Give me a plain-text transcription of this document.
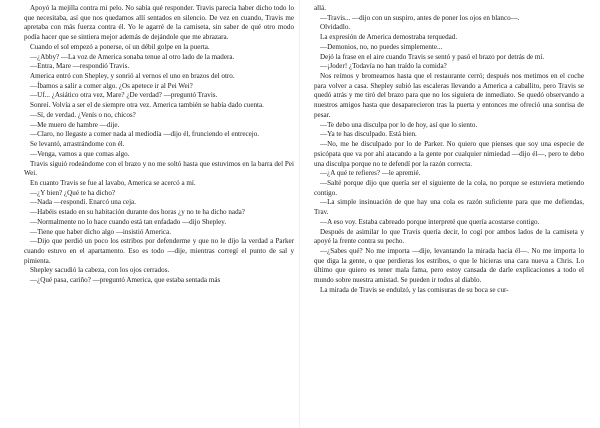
Apoyó la mejilla contra mi pelo. No sabía qué responder. Travis parecía haber dicho todo lo que necesitaba, así que nos quedamos allí sentados en silencio. De vez en cuando, Travis me apretaba con más fuerza contra él. Yo le agarré de la camiseta, sin saber de qué otro modo podía hacer que se sintiera mejor además de dejándole que me abrazara.

Cuando el sol empezó a ponerse, oí un débil golpe en la puerta.

—¿Abby? —La voz de America sonaba tenue al otro lado de la madera.

—Entra, Mare —respondió Travis.

America entró con Shepley, y sonrió al vernos el uno en brazos del otro.

—Íbamos a salir a comer algo. ¿Os apetece ir al Pei Wei?

—Uf... ¿Asiático otra vez, Mare? ¿De verdad? —preguntó Travis.

Sonreí. Volvía a ser el de siempre otra vez. America también se había dado cuenta.

—Sí, de verdad. ¿Venís o no, chicos?

—Me muero de hambre —dije.

—Claro, no llegaste a comer nada al mediodía —dijo él, frunciendo el entrecejo.

Se levantó, arrastrándome con él.

—Venga, vamos a que comas algo.

Travis siguió rodeándome con el brazo y no me soltó hasta que estuvimos en la barra del Pei Wei.

En cuanto Travis se fue al lavabo, America se acercó a mí.

—¿Y bien? ¿Qué te ha dicho?

—Nada —respondí. Enarcó una ceja.

—Habéis estado en su habitación durante dos horas ¿y no te ha dicho nada?

—Normalmente no lo hace cuando está tan enfadado —dijo Shepley.

—Tiene que haber dicho algo —insistió America.

—Dijo que perdió un poco los estribos por defenderme y que no le dijo la verdad a Parker cuando estuvo en el apartamento. Eso es todo —dije, mientras corregí el punto de sal y pimienta.

Shepley sacudió la cabeza, con los ojos cerrados.

—¿Qué pasa, cariño? —preguntó America, que estaba sentada más

allá.

—Travis... —dijo con un suspiro, antes de poner los ojos en blanco—.

Olvidadlo.

La expresión de America demostraba terquedad.

—Demonios, no, no puedes simplemente...

Dejó la frase en el aire cuando Travis se sentó y pasó el brazo por detrás de mí.

—¡Joder! ¿Todavía no han traído la comida?

Nos reímos y bromeamos hasta que el restaurante cerró; después nos metimos en el coche para volver a casa. Shepley subió las escaleras llevando a America a caballito, pero Travis se quedó atrás y me tiró del brazo para que no los siguiera de inmediato. Se quedó observando a nuestros amigos hasta que desaparecieron tras la puerta y entonces me ofreció una sonrisa de pesar.

—Te debo una disculpa por lo de hoy, así que lo siento.

—Ya te has disculpado. Está bien.

—No, me he disculpado por lo de Parker. No quiero que pienses que soy una especie de psicópata que va por ahí atacando a la gente por cualquier nimiedad —dijo él—, pero te debo una disculpa porque no te defendí por la razón correcta.

—¿A qué te refieres? —le apremié.

—Salté porque dijo que quería ser el siguiente de la cola, no porque se estuviera metiendo contigo.

—La simple insinuación de que hay una cola es razón suficiente para que me defiendas, Trav.

—A eso voy. Estaba cabreado porque interpreté que quería acostarse contigo.

Después de asimilar lo que Travis quería decir, lo cogí por ambos lados de la camiseta y apoyé la frente contra su pecho.

—¿Sabes qué? No me importa —dije, levantando la mirada hacia él—. No me importa lo que diga la gente, o que perdieras los estribos, o que le hicieras una cara nueva a Chris. Lo último que quiero es tener mala fama, pero estoy cansada de darle explicaciones a todo el mundo sobre nuestra amistad. Se pueden ir todos al diablo.

La mirada de Travis se endulzó, y las comisuras de su boca se cur-
